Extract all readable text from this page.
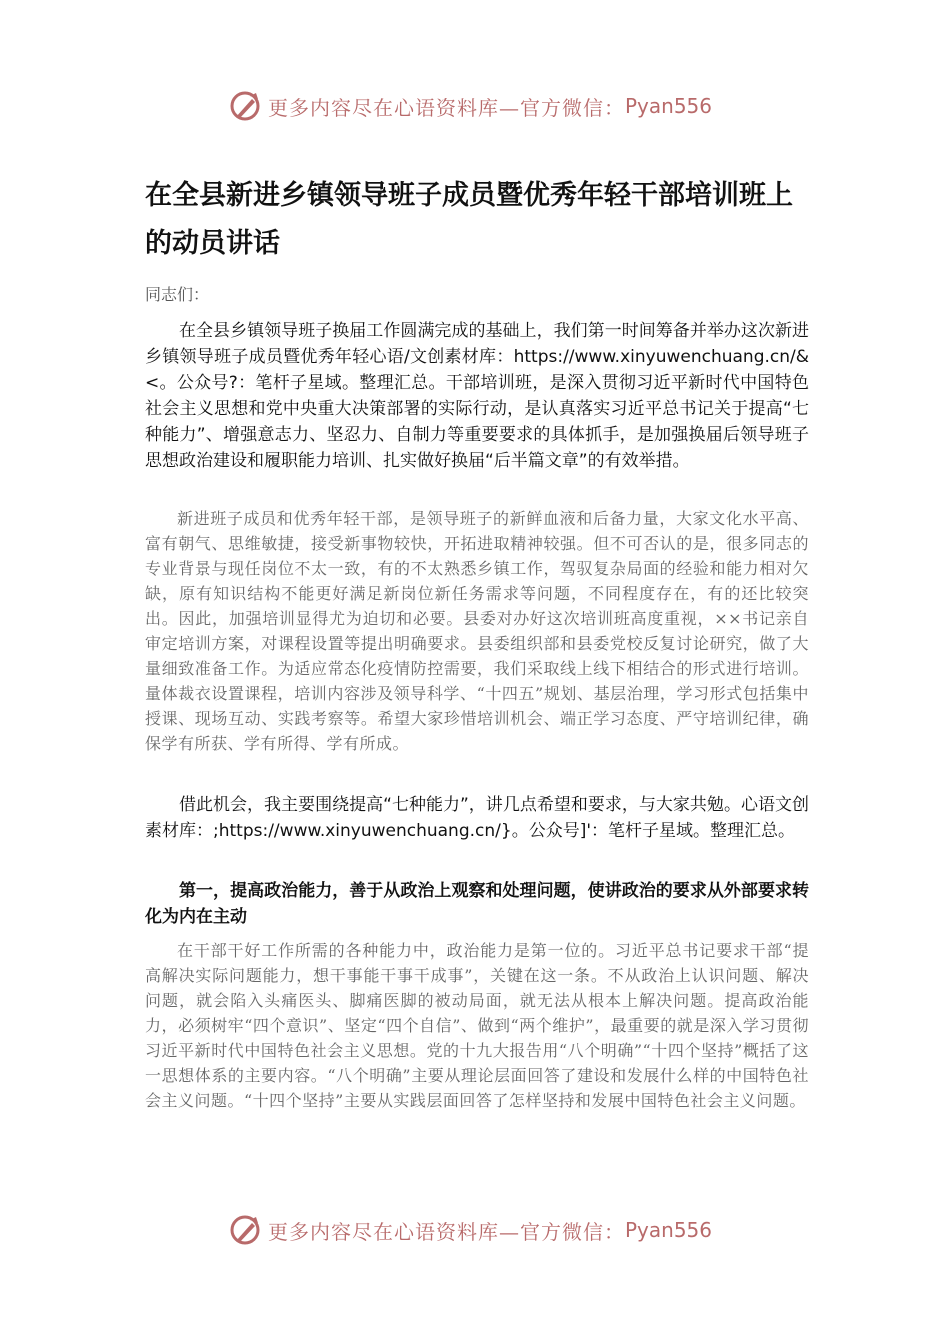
更多内容尽在心语资料库—官方微信： Pyan556
在全县新进乡镇领导班子成员暨优秀年轻干部培训班上的动员讲话

同志们：

在全县乡镇领导班子换届工作圆满完成的基础上，我们第一时间筹备并举办这次新进乡镇领导班子成员暨优秀年轻心语/文创素材库：https://www.xinyuwenchuang.cn/&<。公众号?：笔杆子星域。整理汇总。干部培训班，是深入贯彻习近平新时代中国特色社会主义思想和党中央重大决策部署的实际行动，是认真落实习近平总书记关于提高“七种能力”、增强意志力、坚忍力、自制力等重要要求的具体抓手，是加强换届后领导班子思想政治建设和履职能力培训、扎实做好换届“后半篇文章”的有效举措。

新进班子成员和优秀年轻干部，是领导班子的新鲜血液和后备力量，大家文化水平高、富有朝气、思维敏捷，接受新事物较快，开拓进取精神较强。但不可否认的是，很多同志的专业背景与现任岗位不太一致，有的不太熟悉乡镇工作，驾驭复杂局面的经验和能力相对欠缺，原有知识结构不能更好满足新岗位新任务需求等问题，不同程度存在，有的还比较突出。因此，加强培训显得尤为迫切和必要。县委对办好这次培训班高度重视，××书记亲自审定培训方案，对课程设置等提出明确要求。县委组织部和县委党校反复讨论研究，做了大量细致准备工作。为适应常态化疫情防控需要，我们采取线上线下相结合的形式进行培训。量体裁衣设置课程，培训内容涉及领导科学、“十四五”规划、基层治理，学习形式包括集中授课、现场互动、实践考察等。希望大家珍惜培训机会、端正学习态度、严守培训纪律，确保学有所获、学有所得、学有所成。

借此机会，我主要围绕提高“七种能力”，讲几点希望和要求，与大家共勉。心语文创素材库：;https://www.xinyuwenchuang.cn/}。公众号]'：笔杆子星域。整理汇总。

第一，提高政治能力，善于从政治上观察和处理问题，使讲政治的要求从外部要求转化为内在主动

在干部干好工作所需的各种能力中，政治能力是第一位的。习近平总书记要求干部“提高解决实际问题能力，想干事能干事干成事”，关键在这一条。不从政治上认识问题、解决问题，就会陷入头痛医头、脚痛医脚的被动局面，就无法从根本上解决问题。提高政治能力，必须树牢“四个意识”、坚定“四个自信”、做到“两个维护”，最重要的就是深入学习贯彻习近平新时代中国特色社会主义思想。党的十九大报告用“八个明确”“十四个坚持”概括了这一思想体系的主要内容。“八个明确”主要从理论层面回答了建设和发展什么样的中国特色社会主义问题。“十四个坚持”主要从实践层面回答了怎样坚持和发展中国特色社会主义问题。

更多内容尽在心语资料库—官方微信： Pyan556
